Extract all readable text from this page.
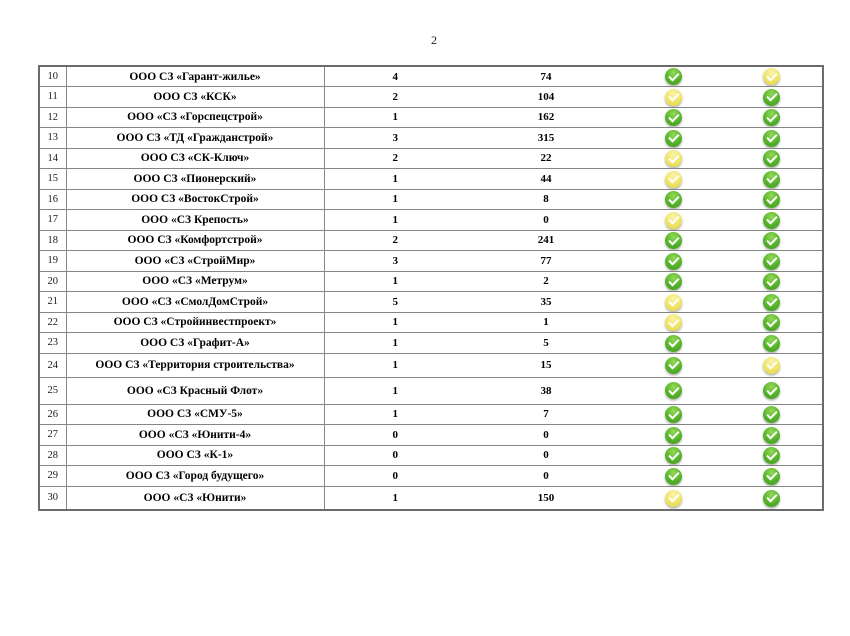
2
10	ООО СЗ «Гарант-жилье»	4	74		
11	ООО СЗ «КСК»	2	104		
12	ООО «СЗ «Горспецстрой»	1	162		
13	ООО СЗ «ТД «Гражданстрой»	3	315		
14	ООО СЗ «СК-Ключ»	2	22		
15	ООО СЗ «Пионерский»	1	44		
16	ООО СЗ «ВостокСтрой»	1	8		
17	ООО «СЗ Крепость»	1	0		
18	ООО СЗ «Комфортстрой»	2	241		
19	ООО «СЗ «СтройМир»	3	77		
20	ООО «СЗ «Метрум»	1	2		
21	ООО «СЗ «СмолДомСтрой»	5	35		
22	ООО СЗ «Стройинвестпроект»	1	1		
23	ООО СЗ «Графит-А»	1	5		
24	ООО СЗ «Территория строительства»	1	15		
25	ООО «СЗ Красный Флот»	1	38		
26	ООО СЗ «СМУ-5»	1	7		
27	ООО «СЗ «Юнити-4»	0	0		
28	ООО СЗ «К-1»	0	0		
29	ООО СЗ «Город будущего»	0	0		
30	ООО «СЗ «Юнити»	1	150		
